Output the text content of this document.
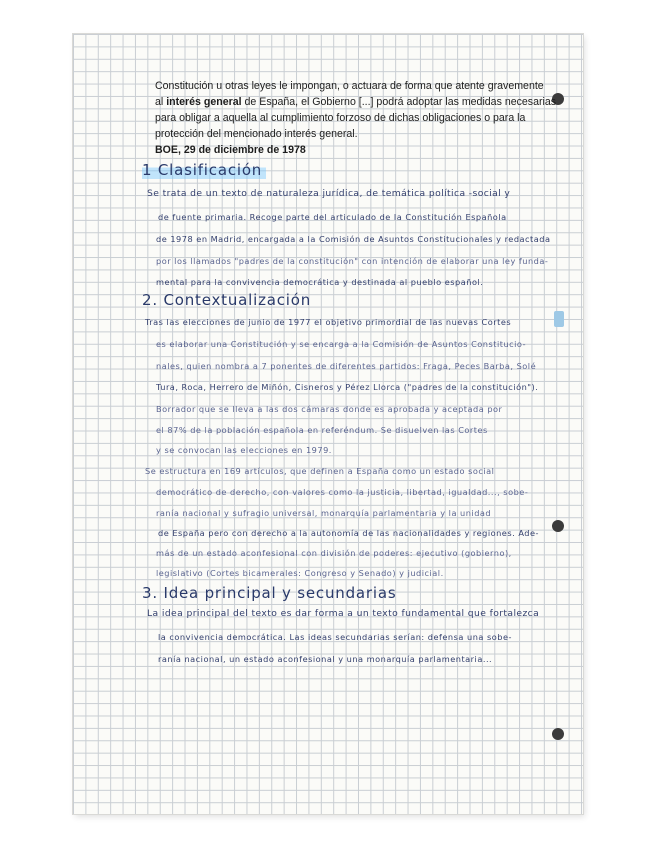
Constitución u otras leyes le impongan, o actuara de forma que atente gravemente
al interés general de España, el Gobierno [...] podrá adoptar las medidas necesarias
para obligar a aquella al cumplimiento forzoso de dichas obligaciones o para la
protección del mencionado interés general.
BOE, 29 de diciembre de 1978
1 Clasificación
Se trata de un texto de naturaleza jurídica, de temática política -social y
de fuente primaria. Recoge parte del articulado de la Constitución Española
de 1978 en Madrid, encargada a la Comisión de Asuntos Constitucionales y redactada
por los llamados "padres de la constitución" con intención de elaborar una ley funda-
mental para la convivencia democrática y destinada al pueblo español.
2. Contextualización
Tras las elecciones de junio de 1977 el objetivo primordial de las nuevas Cortes
es elaborar una Constitución y se encarga a la Comisión de Asuntos Constitucio-
nales, quien nombra a 7 ponentes de diferentes partidos: Fraga, Peces Barba, Solé
Tura, Roca, Herrero de Miñón, Cisneros y Pérez Llorca ("padres de la constitución").
Borrador que se lleva a las dos cámaras donde es aprobada y aceptada por
el 87% de la población española en referéndum. Se disuelven las Cortes
y se convocan las elecciones en 1979.
Se estructura en 169 artículos, que definen a España como un estado social
democrático de derecho, con valores como la justicia, libertad, igualdad..., sobe-
ranía nacional y sufragio universal, monarquía parlamentaria y la unidad
de España pero con derecho a la autonomía de las nacionalidades y regiones. Ade-
más de un estado aconfesional con división de poderes: ejecutivo (gobierno),
legislativo (Cortes bicamerales: Congreso y Senado) y judicial.
3. Idea principal y secundarias
La idea principal del texto es dar forma a un texto fundamental que fortalezca
la convivencia democrática. Las ideas secundarias serían: defensa una sobe-
ranía nacional, un estado aconfesional y una monarquía parlamentaria...
